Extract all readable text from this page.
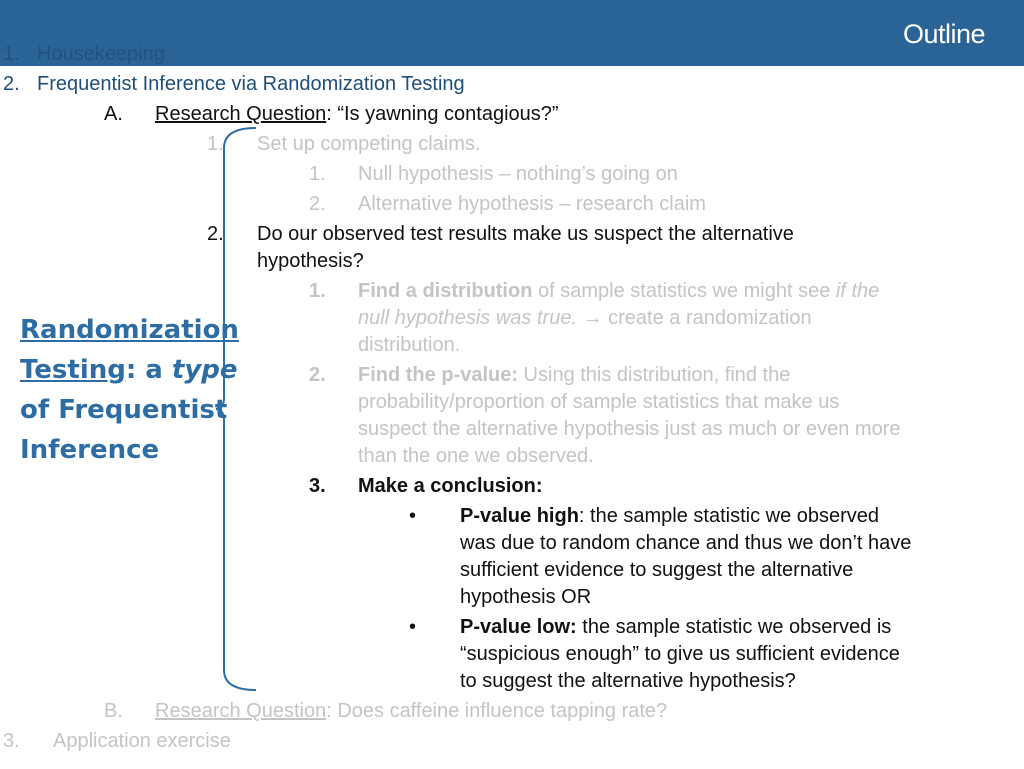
Outline
1. Housekeeping
2. Frequentist Inference via Randomization Testing
A. Research Question: “Is yawning contagious?”
1. Set up competing claims.
1. Null hypothesis – nothing’s going on
2. Alternative hypothesis – research claim
2. Do our observed test results make us suspect the alternative
hypothesis?
1. Find a distribution of sample statistics we might see if the
null hypothesis was true. → create a randomization
distribution.
2. Find the p-value: Using this distribution, find the
probability/proportion of sample statistics that make us
suspect the alternative hypothesis just as much or even more
than the one we observed.
3. Make a conclusion:
• P-value high: the sample statistic we observed
was due to random chance and thus we don’t have
sufficient evidence to suggest the alternative
hypothesis OR
• P-value low: the sample statistic we observed is
“suspicious enough” to give us sufficient evidence
to suggest the alternative hypothesis?
B. Research Question: Does caffeine influence tapping rate?
3. Application exercise
Randomization
Testing: a type
of Frequentist
Inference
